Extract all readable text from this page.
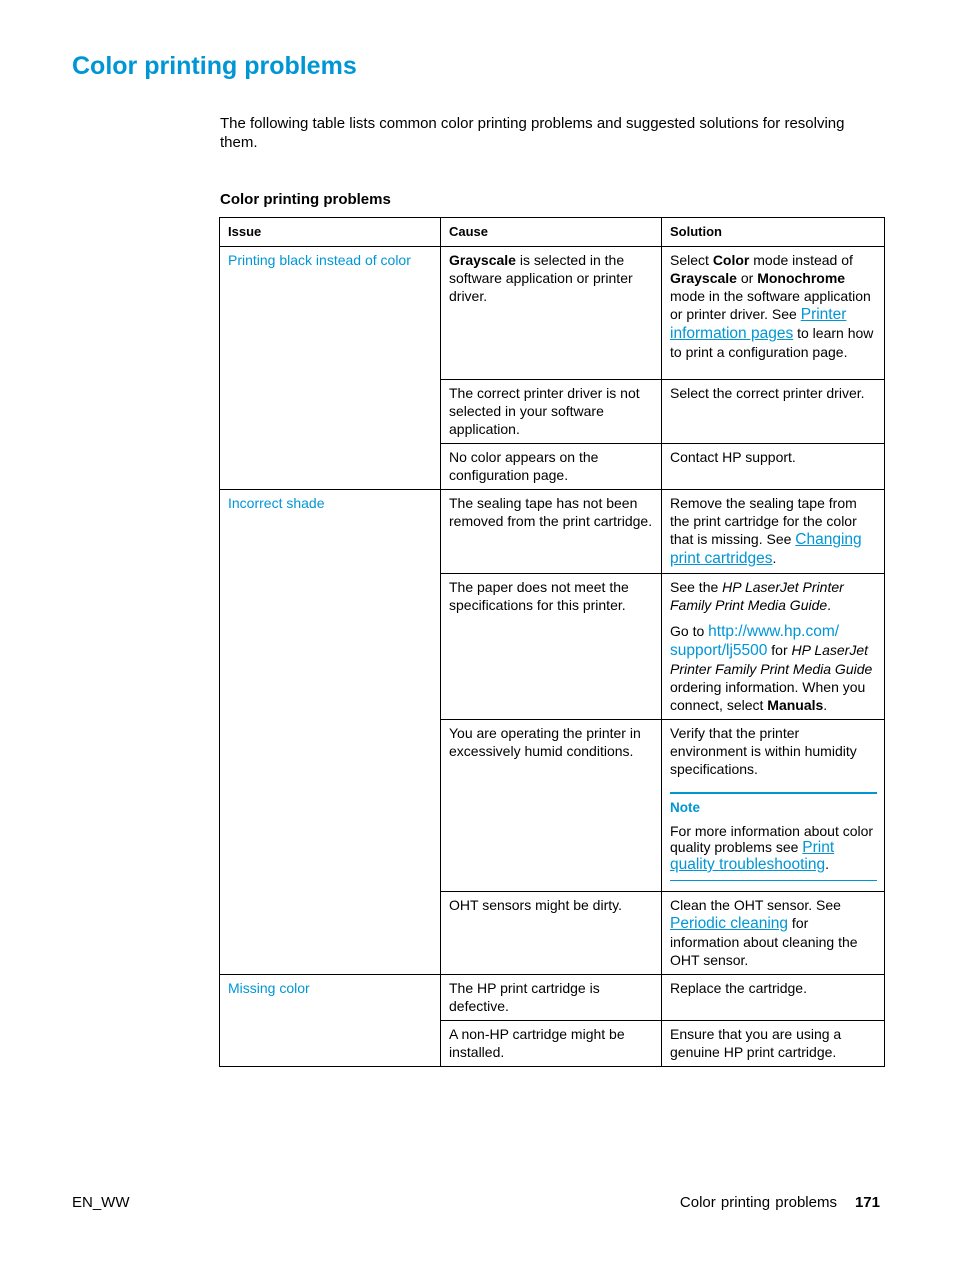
Color printing problems

The following table lists common color printing problems and suggested solutions for resolving them.

Color printing problems

Issue	Cause	Solution
Printing black instead of color	Grayscale is selected in the software application or printer driver.	Select Color mode instead of Grayscale or Monochrome mode in the software application or printer driver. See Printer information pages to learn how to print a configuration page.
	The correct printer driver is not selected in your software application.	Select the correct printer driver.
	No color appears on the configuration page.	Contact HP support.
Incorrect shade	The sealing tape has not been removed from the print cartridge.	Remove the sealing tape from the print cartridge for the color that is missing. See Changing print cartridges.
	The paper does not meet the specifications for this printer.	See the HP LaserJet Printer Family Print Media Guide.

Go to http://www.hp.com/ support/lj5500 for HP LaserJet Printer Family Print Media Guide ordering information. When you connect, select Manuals.

	You are operating the printer in excessively humid conditions.	Verify that the printer environment is within humidity specifications.

Note

For more information about color quality problems see Print quality troubleshooting.

	OHT sensors might be dirty.	Clean the OHT sensor. See Periodic cleaning for information about cleaning the OHT sensor.
Missing color	The HP print cartridge is defective.	Replace the cartridge.
	A non-HP cartridge might be installed.	Ensure that you are using a genuine HP print cartridge.

EN_WW	Color printing problems 171
